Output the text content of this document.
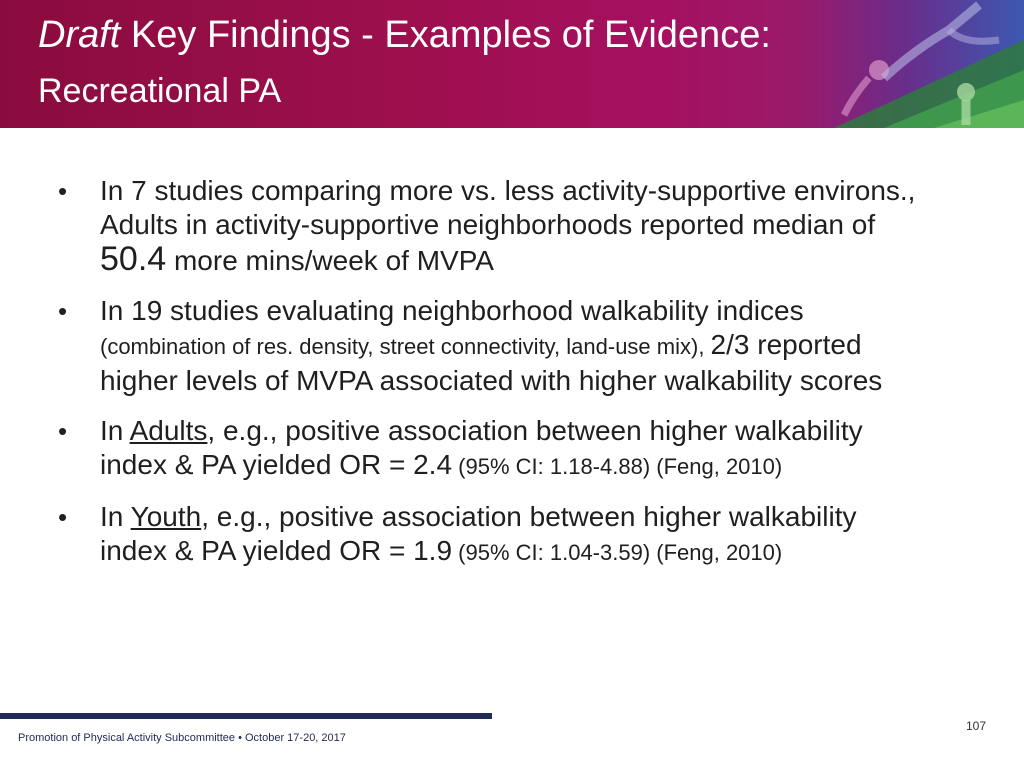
Draft Key Findings - Examples of Evidence:
Recreational PA
• In 7 studies comparing more vs. less activity-supportive environs., Adults in activity-supportive neighborhoods reported median of 50.4 more mins/week of MVPA
• In 19 studies evaluating neighborhood walkability indices (combination of res. density, street connectivity, land-use mix), 2/3 reported higher levels of MVPA associated with higher walkability scores
• In Adults, e.g., positive association between higher walkability index & PA yielded OR = 2.4 (95% CI: 1.18-4.88) (Feng, 2010)
• In Youth, e.g., positive association between higher walkability index & PA yielded OR = 1.9 (95% CI: 1.04-3.59) (Feng, 2010)
Promotion of Physical Activity Subcommittee • October 17-20, 2017
107
